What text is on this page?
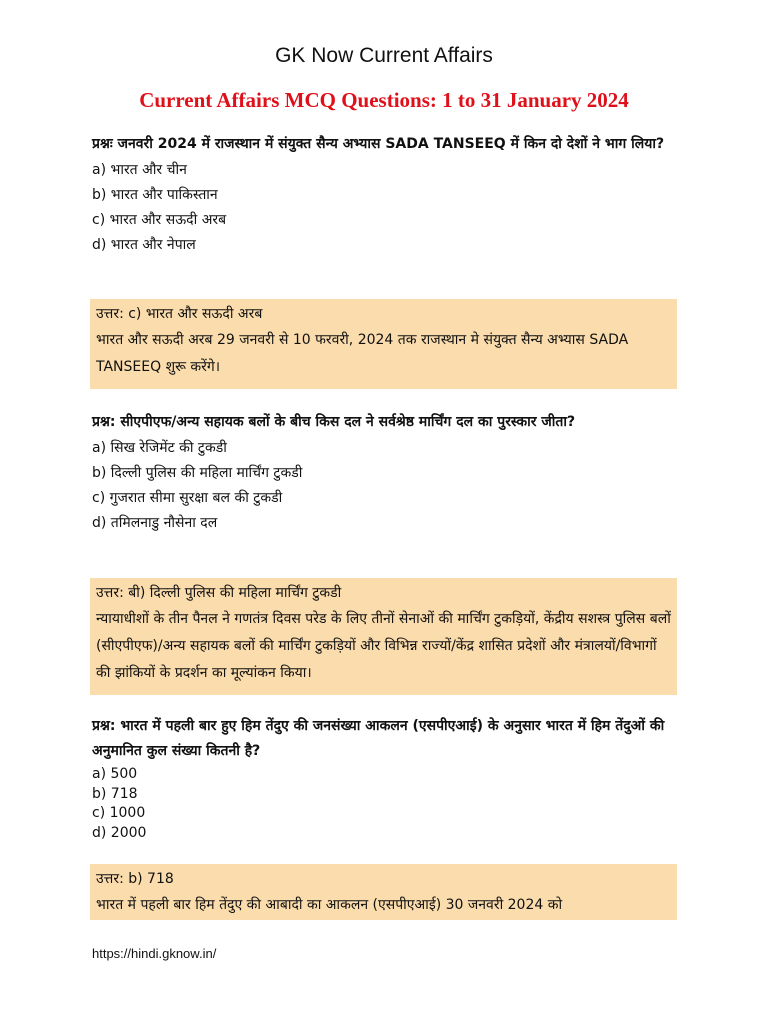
GK Now Current Affairs
Current Affairs MCQ Questions: 1 to 31 January 2024
प्रश्नः जनवरी 2024 में राजस्थान में संयुक्त सैन्य अभ्यास SADA TANSEEQ में किन दो देशों ने भाग लिया?
a) भारत और चीन
b) भारत और पाकिस्तान
c) भारत और सऊदी अरब
d) भारत और नेपाल
उत्तर: c) भारत और सऊदी अरब
भारत और सऊदी अरब 29 जनवरी से 10 फरवरी, 2024 तक राजस्थान मे संयुक्त सैन्य अभ्यास SADA TANSEEQ शुरू करेंगे।
प्रश्न: सीएपीएफ/अन्य सहायक बलों के बीच किस दल ने सर्वश्रेष्ठ मार्चिंग दल का पुरस्कार जीता?
a) सिख रेजिमेंट की टुकडी
b) दिल्ली पुलिस की महिला मार्चिंग टुकडी
c) गुजरात सीमा सुरक्षा बल की टुकडी
d) तमिलनाडु नौसेना दल
उत्तर: बी) दिल्ली पुलिस की महिला मार्चिंग टुकडी
न्यायाधीशों के तीन पैनल ने गणतंत्र दिवस परेड के लिए तीनों सेनाओं की मार्चिंग टुकड़ियों, केंद्रीय सशस्त्र पुलिस बलों (सीएपीएफ)/अन्य सहायक बलों की मार्चिंग टुकड़ियों और विभिन्न राज्यों/केंद्र शासित प्रदेशों और मंत्रालयों/विभागों की झांकियों के प्रदर्शन का मूल्यांकन किया।
प्रश्न: भारत में पहली बार हुए हिम तेंदुए की जनसंख्या आकलन (एसपीएआई) के अनुसार भारत में हिम तेंदुओं की अनुमानित कुल संख्या कितनी है?
a) 500
b) 718
c) 1000
d) 2000
उत्तर: b) 718
भारत में पहली बार हिम तेंदुए की आबादी का आकलन (एसपीएआई) 30 जनवरी 2024 को
https://hindi.gknow.in/
